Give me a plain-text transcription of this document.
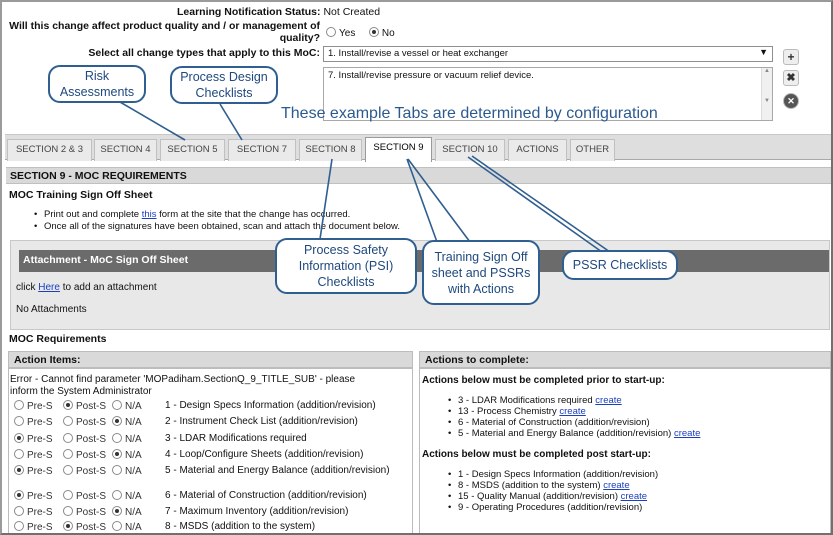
Learning Notification Status: Not Created
Will this change affect product quality and / or management of
quality?	Yes	No
Select all change types that apply to this MoC: 1. Install/revise a vessel or heat exchanger	▼
7. Install/revise pressure or vacuum relief device.	▲

▼
+
✖
✕
These example Tabs are determined by configuration
SECTION 2 & 3	SECTION 4	SECTION 5	SECTION 7	SECTION 8	SECTION 9	SECTION 10	ACTIONS	OTHER
SECTION 9 - MOC REQUIREMENTS
MOC Training Sign Off Sheet
• Print out and complete this form at the site that the change has occurred.
• Once all of the signatures have been obtained, scan and attach the document below.
Attachment - MoC Sign Off Sheet
click Here to add an attachment
No Attachments
MOC Requirements
Action Items:
Error - Cannot find parameter 'MOPadiham.SectionQ_9_TITLE_SUB' - please
inform the System Administrator
Pre-S Post-S N/A 1 - Design Specs Information (addition/revision)
Pre-S Post-S N/A 2 - Instrument Check List (addition/revision)
Pre-S Post-S N/A 3 - LDAR Modifications required
Pre-S Post-S N/A 4 - Loop/Configure Sheets (addition/revision)
Pre-S Post-S N/A 5 - Material and Energy Balance (addition/revision)
Pre-S Post-S N/A 6 - Material of Construction (addition/revision)
Pre-S Post-S N/A 7 - Maximum Inventory (addition/revision)
Pre-S Post-S N/A 8 - MSDS (addition to the system)
Actions to complete:
Actions below must be completed prior to start-up:
• 3 - LDAR Modifications required create
• 13 - Process Chemistry create
• 6 - Material of Construction (addition/revision)
• 5 - Material and Energy Balance (addition/revision) create
Actions below must be completed post start-up:
• 1 - Design Specs Information (addition/revision)
• 8 - MSDS (addition to the system) create
• 15 - Quality Manual (addition/revision) create
• 9 - Operating Procedures (addition/revision)
Risk Assessments
Process Design Checklists
Process Safety Information (PSI) Checklists
Training Sign Off sheet and PSSRs with Actions
PSSR Checklists
